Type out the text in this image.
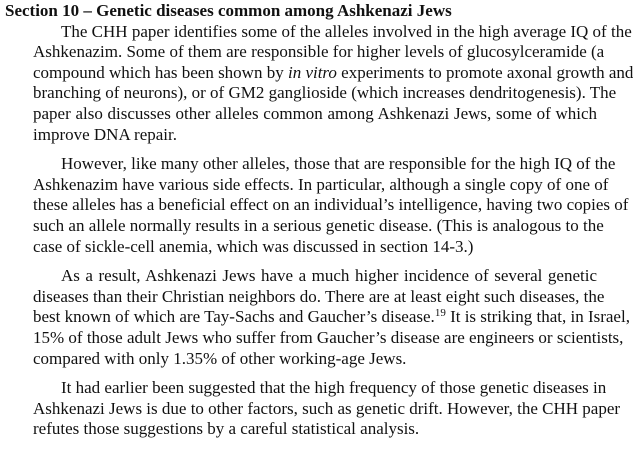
Section 10 – Genetic diseases common among Ashkenazi Jews
The CHH paper identifies some of the alleles involved in the high average IQ of the
Ashkenazim. Some of them are responsible for higher levels of glucosylceramide (a
compound which has been shown by in vitro experiments to promote axonal growth and
branching of neurons), or of GM2 ganglioside (which increases dendritogenesis). The
paper also discusses other alleles common among Ashkenazi Jews, some of which
improve DNA repair.
However, like many other alleles, those that are responsible for the high IQ of the
Ashkenazim have various side effects. In particular, although a single copy of one of
these alleles has a beneficial effect on an individual’s intelligence, having two copies of
such an allele normally results in a serious genetic disease. (This is analogous to the
case of sickle-cell anemia, which was discussed in section 14-3.)
As a result, Ashkenazi Jews have a much higher incidence of several genetic
diseases than their Christian neighbors do. There are at least eight such diseases, the
best known of which are Tay-Sachs and Gaucher’s disease.$^{19}$ It is striking that, in Israel,
15% of those adult Jews who suffer from Gaucher’s disease are engineers or scientists,
compared with only 1.35% of other working-age Jews.
It had earlier been suggested that the high frequency of those genetic diseases in
Ashkenazi Jews is due to other factors, such as genetic drift. However, the CHH paper
refutes those suggestions by a careful statistical analysis.
